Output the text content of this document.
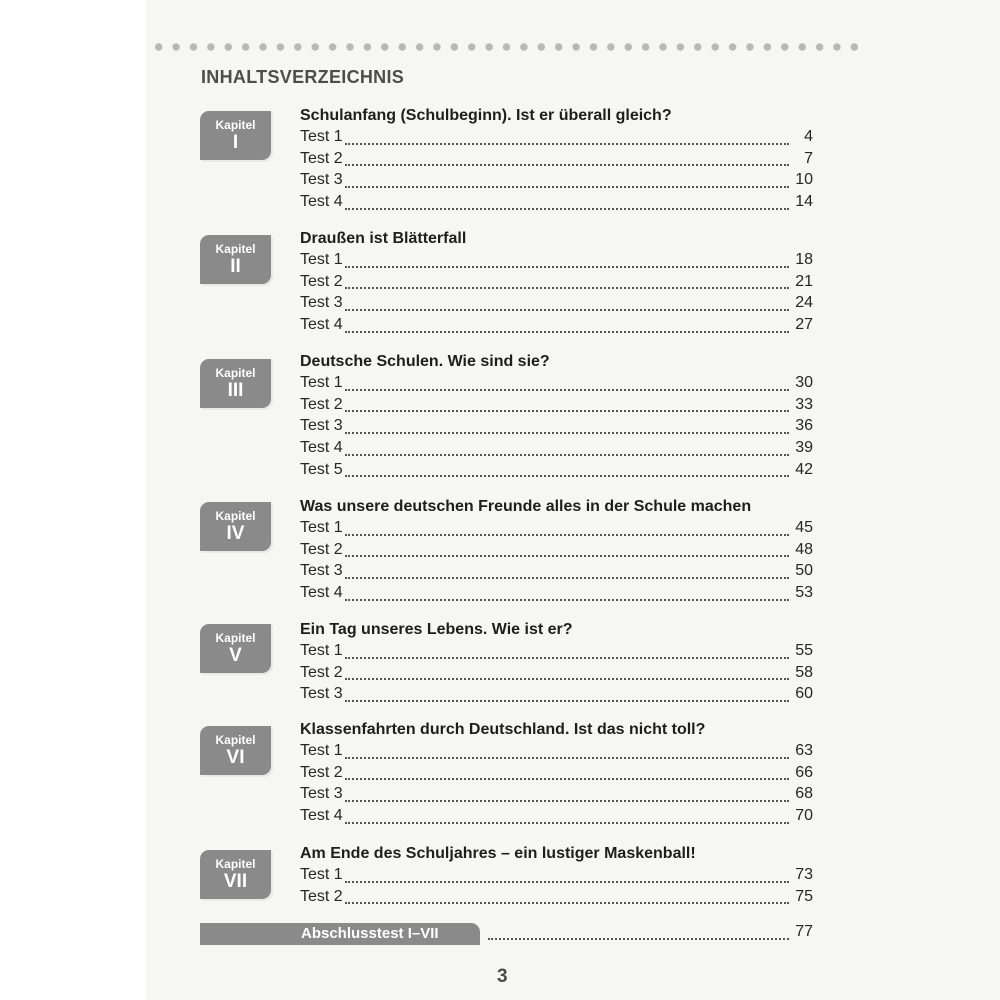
INHALTSVERZEICHNIS
Kapitel
I
Schulanfang (Schulbeginn). Ist er überall gleich?
Test 1	4
Test 2	7
Test 3	10
Test 4	14
Kapitel
II
Draußen ist Blätterfall
Test 1	18
Test 2	21
Test 3	24
Test 4	27
Kapitel
III
Deutsche Schulen. Wie sind sie?
Test 1	30
Test 2	33
Test 3	36
Test 4	39
Test 5	42
Kapitel
IV
Was unsere deutschen Freunde alles in der Schule machen
Test 1	45
Test 2	48
Test 3	50
Test 4	53
Kapitel
V
Ein Tag unseres Lebens. Wie ist er?
Test 1	55
Test 2	58
Test 3	60
Kapitel
VI
Klassenfahrten durch Deutschland. Ist das nicht toll?
Test 1	63
Test 2	66
Test 3	68
Test 4	70
Kapitel
VII
Am Ende des Schuljahres – ein lustiger Maskenball!
Test 1	73
Test 2	75
Abschlusstest I–VII	77
3
